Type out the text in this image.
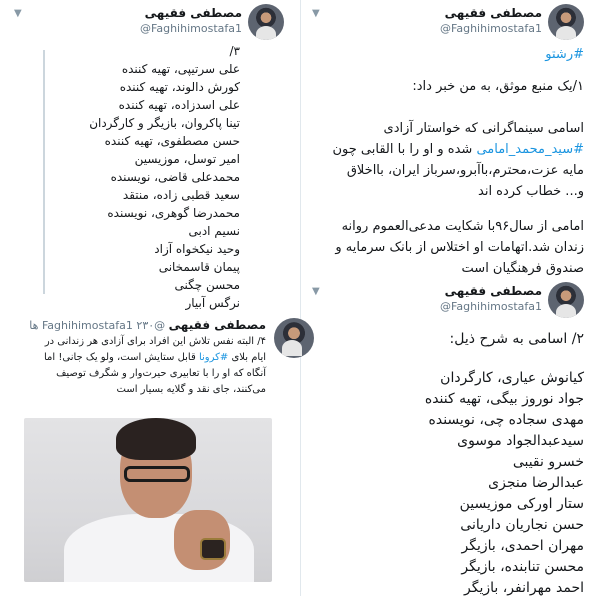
مصطفی فقیهی
@Faghihimostafa1
▼
#رشتو
۱/یک منبع موثق، به من خبر داد:
اسامی سینماگرانی که خواستار آزادی
#سید_محمد_امامی شده و او را با القابی چون
مایه عزت،محترم،باآبرو،سرباز ایران، بااخلاق
و... خطاب کرده اند
امامی از سال۹۶با شکایت مدعی‌العموم روانه
زندان شد.اتهامات او اختلاس از بانک سرمایه و
صندوق فرهنگیان است
مصطفی فقیهی
@Faghihimostafa1
▼
۲/ اسامی به شرح ذیل:
کیانوش عیاری، کارگردان
جواد نوروز بیگی، تهیه کننده
مهدی سجاده چی، نویسنده
سیدعبدالجواد موسوی
خسرو نقیبی
عبدالرضا منجزی
ستار اورکی موزیسین
حسن نجاریان داریانی
مهران احمدی، بازیگر
محسن تنابنده، بازیگر
احمد مهرانفر، بازیگر
مصطفی فقیهی
@Faghihimostafa1
▼
۳/
علی سرتیپی، تهیه کننده
کورش دالوند، تهیه کننده
علی اسدزاده، تهیه کننده
تینا پاکروان، بازیگر و کارگردان
حسن مصطفوی، تهیه کننده
امیر توسل، موزیسین
محمدعلی قاضی، نویسنده
سعید قطبی زاده، منتقد
محمدرضا گوهری، نویسنده
نسیم ادبی
وحید نیکخواه آزاد
پیمان قاسمخانی
محسن چگنی
نرگس آبیار
مصطفی فقیهی @Faghihimostafa1 ۲۳۰ ها
۴/ البته نفس تلاش این افراد برای آزادی هر زندانی در
ایام بلای #کرونا قابل ستایش است، ولو یک جانی! اما
آنگاه که او را با تعابیری حیرت‌وار و شگرف توصیف
می‌کنند، جای نقد و گلایه بسیار است
